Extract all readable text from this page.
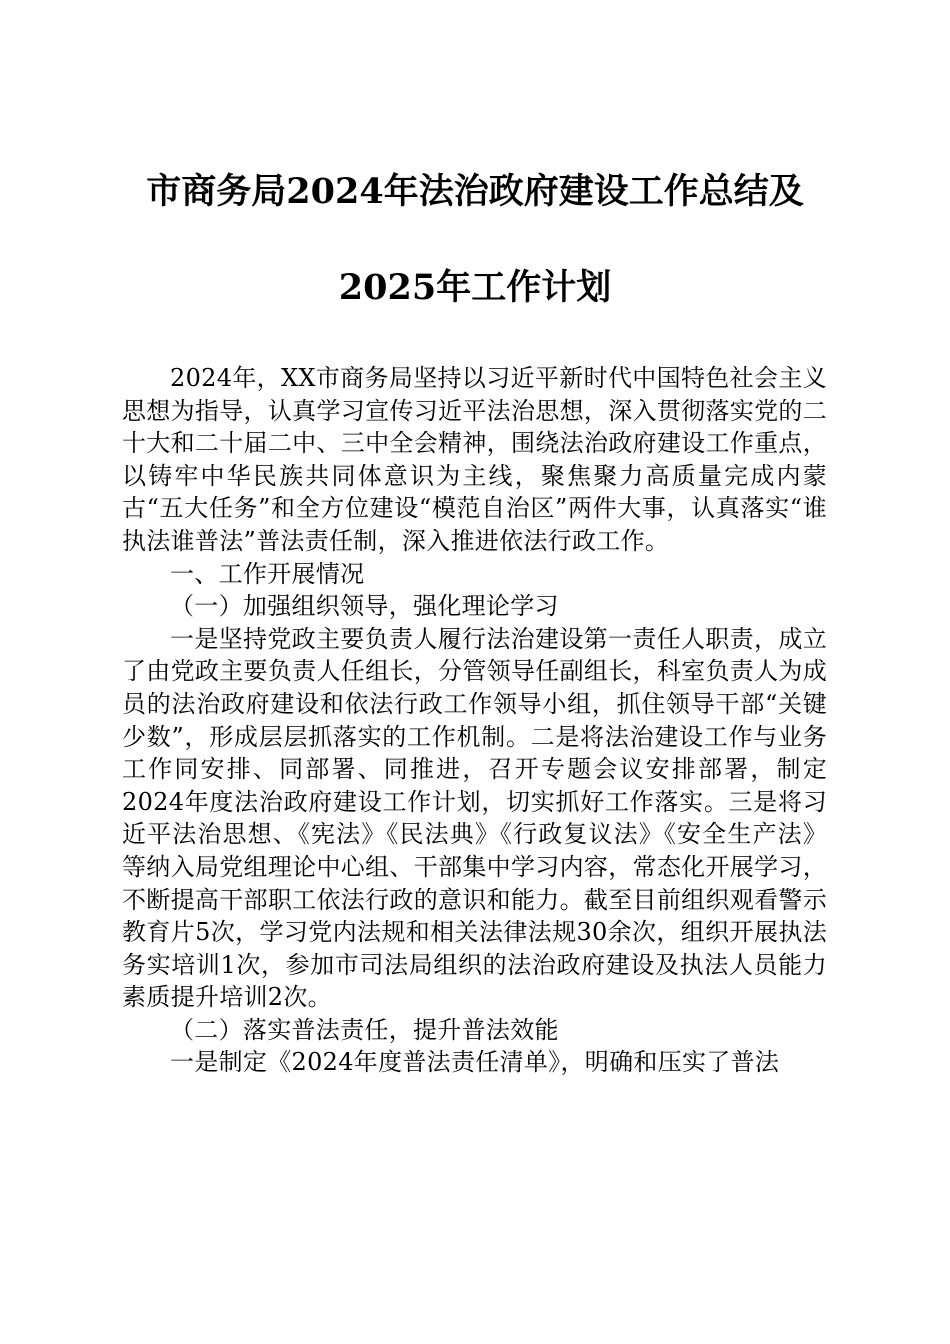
市商务局2024年法治政府建设工作总结及
2025年工作计划

2024年，XX市商务局坚持以习近平新时代中国特色社会主义思想为指导，认真学习宣传习近平法治思想，深入贯彻落实党的二十大和二十届二中、三中全会精神，围绕法治政府建设工作重点，以铸牢中华民族共同体意识为主线，聚焦聚力高质量完成内蒙古“五大任务”和全方位建设“模范自治区”两件大事，认真落实“谁执法谁普法”普法责任制，深入推进依法行政工作。

一、工作开展情况

（一）加强组织领导，强化理论学习

一是坚持党政主要负责人履行法治建设第一责任人职责，成立了由党政主要负责人任组长，分管领导任副组长，科室负责人为成员的法治政府建设和依法行政工作领导小组，抓住领导干部“关键少数”，形成层层抓落实的工作机制。二是将法治建设工作与业务工作同安排、同部署、同推进，召开专题会议安排部署，制定2024年度法治政府建设工作计划，切实抓好工作落实。三是将习近平法治思想、《宪法》《民法典》《行政复议法》《安全生产法》等纳入局党组理论中心组、干部集中学习内容，常态化开展学习，不断提高干部职工依法行政的意识和能力。截至目前组织观看警示教育片5次，学习党内法规和相关法律法规30余次，组织开展执法务实培训1次，参加市司法局组织的法治政府建设及执法人员能力素质提升培训2次。

（二）落实普法责任，提升普法效能

一是制定《2024年度普法责任清单》，明确和压实了普法
